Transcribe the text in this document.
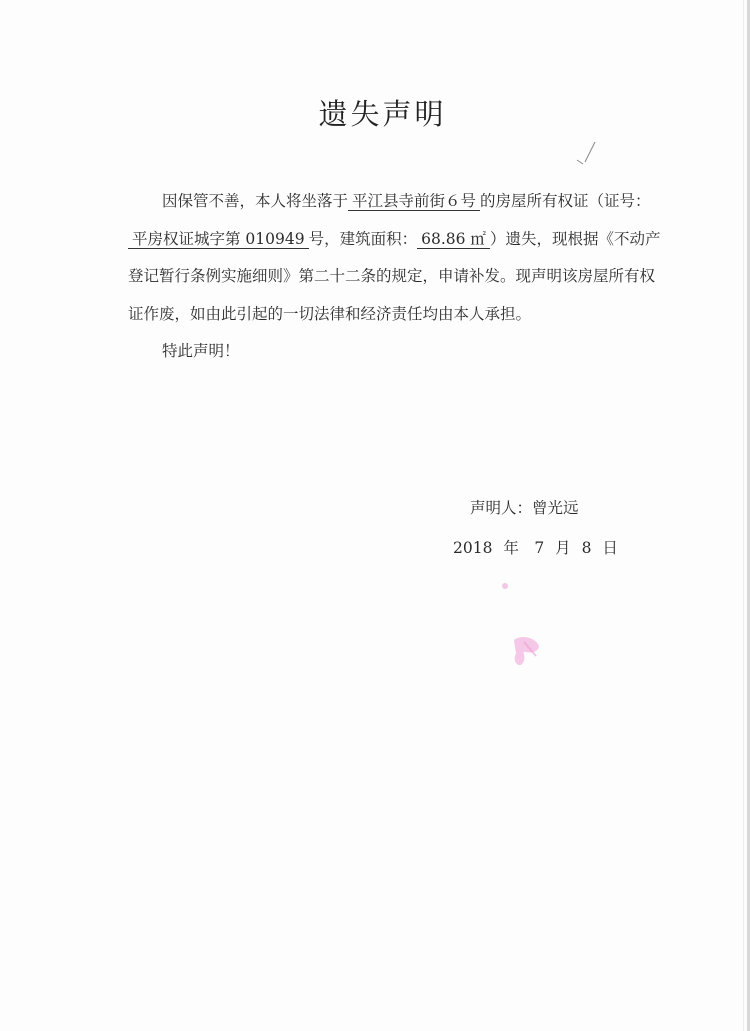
遗失声明

因保管不善，本人将坐落于 平江县寺前街６号 的房屋所有权证（证号：平房权证城字第 010949 号，建筑面积： 68.86 ㎡ ）遗失，现根据《不动产登记暂行条例实施细则》第二十二条的规定，申请补发。现声明该房屋所有权证作废，如由此引起的一切法律和经济责任均由本人承担。

特此声明！

声明人：曾光远
2018 年　7 月 8 日
